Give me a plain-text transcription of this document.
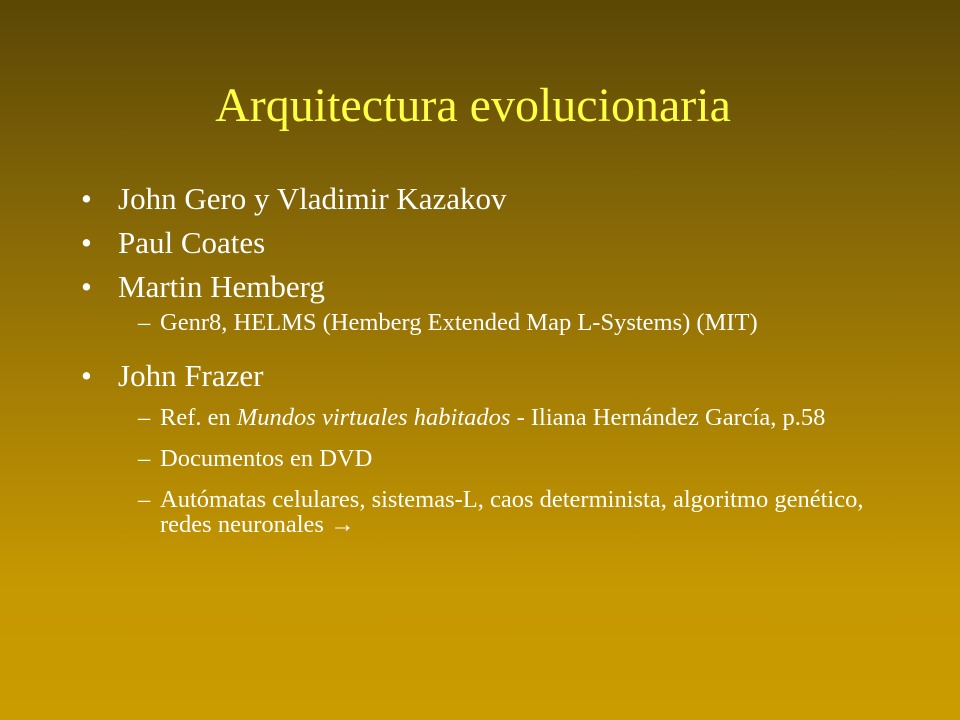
Arquitectura evolucionaria
• John Gero y Vladimir Kazakov
• Paul Coates
• Martin Hemberg
– Genr8, HELMS (Hemberg Extended Map L-Systems) (MIT)
• John Frazer
– Ref. en Mundos virtuales habitados - Iliana Hernández García, p.58
– Documentos en DVD
– Autómatas celulares, sistemas-L, caos determinista, algoritmo genético, redes neuronales →
